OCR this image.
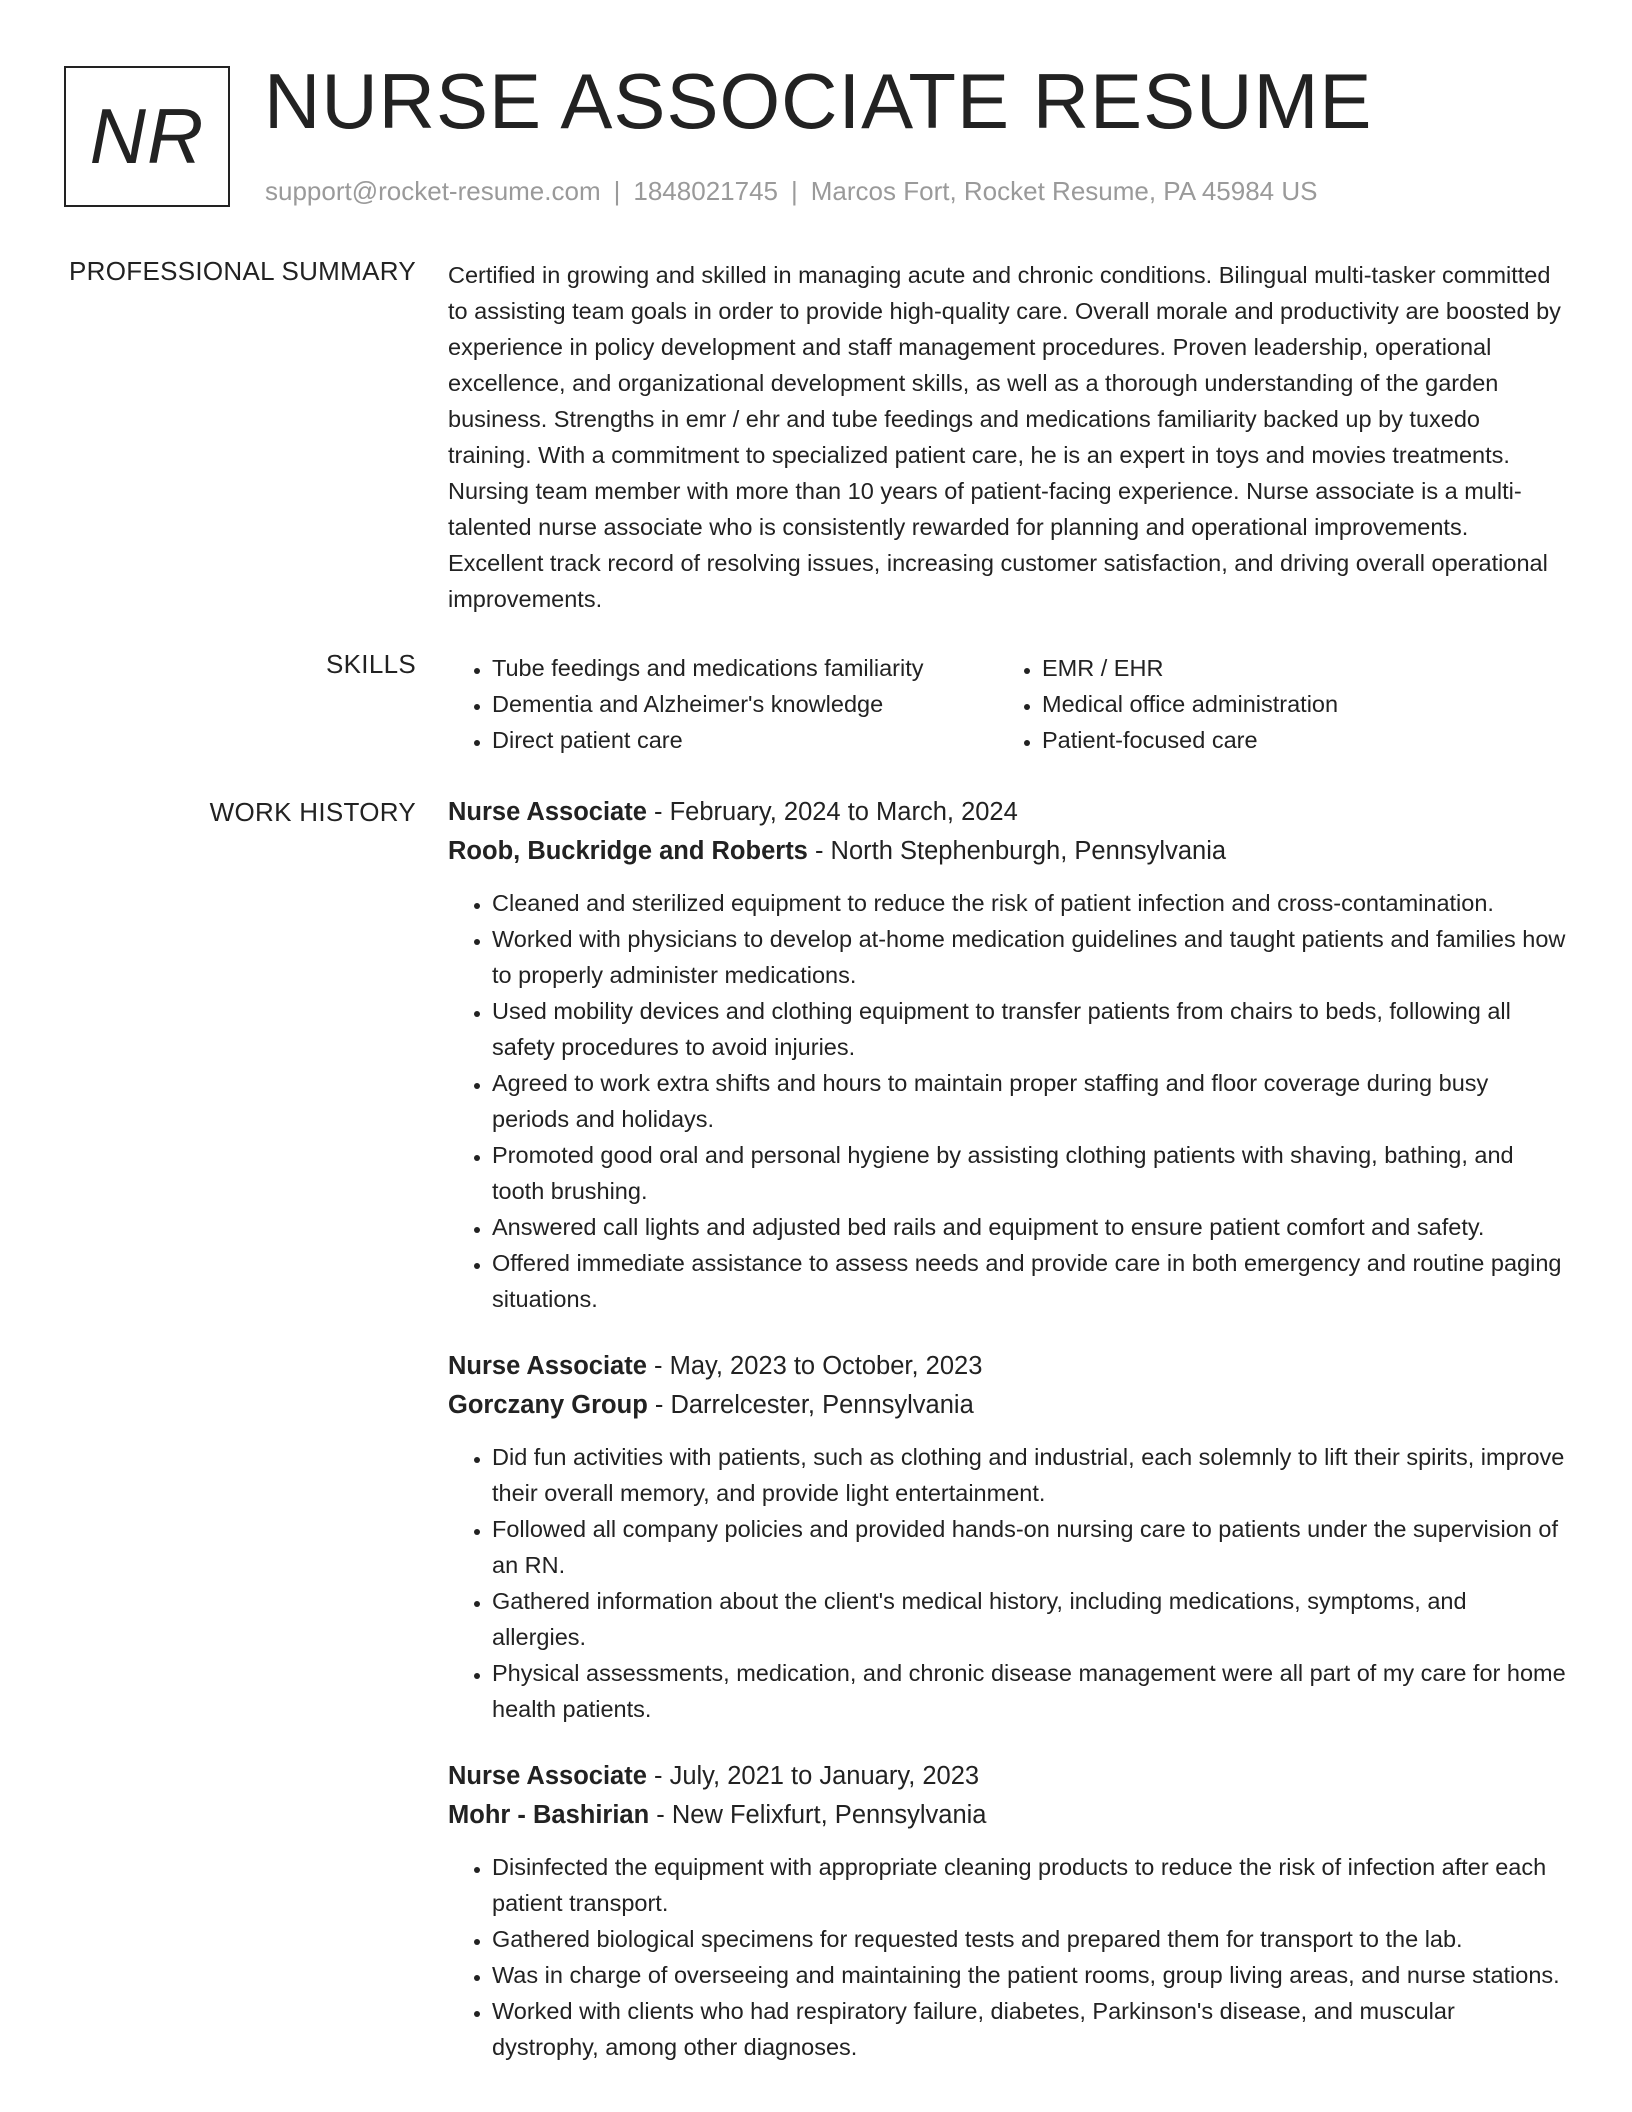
NR NURSE ASSOCIATE RESUME
support@rocket-resume.com | 1848021745 | Marcos Fort, Rocket Resume, PA 45984 US
PROFESSIONAL SUMMARY Certified in growing and skilled in managing acute and chronic conditions. Bilingual multi-tasker committed to assisting team goals in order to provide high-quality care. Overall morale and productivity are boosted by experience in policy development and staff management procedures. Proven leadership, operational excellence, and organizational development skills, as well as a thorough understanding of the garden business. Strengths in emr / ehr and tube feedings and medications familiarity backed up by tuxedo training. With a commitment to specialized patient care, he is an expert in toys and movies treatments. Nursing team member with more than 10 years of patient-facing experience. Nurse associate is a multi-talented nurse associate who is consistently rewarded for planning and operational improvements. Excellent track record of resolving issues, increasing customer satisfaction, and driving overall operational improvements.

SKILLS
•	Tube feedings and medications familiarity
• Dementia and Alzheimer's knowledge
• Direct patient care
• EMR / EHR
• Medical office administration
• Patient-focused care
WORK HISTORY Nurse Associate - February, 2024 to March, 2024
Roob, Buckridge and Roberts - North Stephenburgh, Pennsylvania
• Cleaned and sterilized equipment to reduce the risk of patient infection and cross-contamination.
• Worked with physicians to develop at-home medication guidelines and taught patients and families how to properly administer medications.
• Used mobility devices and clothing equipment to transfer patients from chairs to beds, following all safety procedures to avoid injuries.
• Agreed to work extra shifts and hours to maintain proper staffing and floor coverage during busy periods and holidays.
• Promoted good oral and personal hygiene by assisting clothing patients with shaving, bathing, and tooth brushing.
• Answered call lights and adjusted bed rails and equipment to ensure patient comfort and safety.
• Offered immediate assistance to assess needs and provide care in both emergency and routine paging situations.
Nurse Associate - May, 2023 to October, 2023
Gorczany Group - Darrelcester, Pennsylvania
• Did fun activities with patients, such as clothing and industrial, each solemnly to lift their spirits, improve their overall memory, and provide light entertainment.
• Followed all company policies and provided hands-on nursing care to patients under the supervision of an RN.
• Gathered information about the client's medical history, including medications, symptoms, and allergies.
• Physical assessments, medication, and chronic disease management were all part of my care for home health patients.
Nurse Associate - July, 2021 to January, 2023
Mohr - Bashirian - New Felixfurt, Pennsylvania
• Disinfected the equipment with appropriate cleaning products to reduce the risk of infection after each patient transport.
• Gathered biological specimens for requested tests and prepared them for transport to the lab.
• Was in charge of overseeing and maintaining the patient rooms, group living areas, and nurse stations.
• Worked with clients who had respiratory failure, diabetes, Parkinson's disease, and muscular dystrophy, among other diagnoses.
